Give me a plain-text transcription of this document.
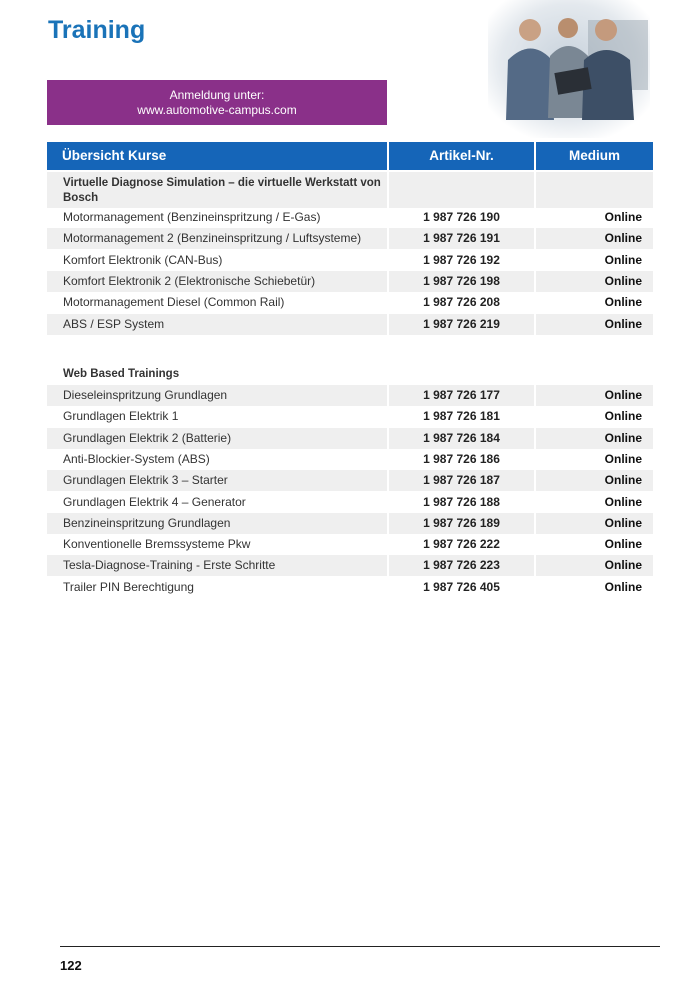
Training
Anmeldung unter:
www.automotive-campus.com
Übersicht Kurse	Artikel-Nr.	Medium
Virtuelle Diagnose Simulation – die virtuelle Werkstatt von Bosch
Motormanagement (Benzineinspritzung / E-Gas)	1 987 726 190	Online
Motormanagement 2 (Benzineinspritzung / Luftsysteme)	1 987 726 191	Online
Komfort Elektronik (CAN-Bus)	1 987 726 192	Online
Komfort Elektronik 2 (Elektronische Schiebetür)	1 987 726 198	Online
Motormanagement Diesel (Common Rail)	1 987 726 208	Online
ABS / ESP System	1 987 726 219	Online
Web Based Trainings
Dieseleinspritzung Grundlagen	1 987 726 177	Online
Grundlagen Elektrik 1	1 987 726 181	Online
Grundlagen Elektrik 2 (Batterie)	1 987 726 184	Online
Anti-Blockier-System (ABS)	1 987 726 186	Online
Grundlagen Elektrik 3 – Starter	1 987 726 187	Online
Grundlagen Elektrik 4 – Generator	1 987 726 188	Online
Benzineinspritzung Grundlagen	1 987 726 189	Online
Konventionelle Bremssysteme Pkw	1 987 726 222	Online
Tesla-Diagnose-Training - Erste Schritte	1 987 726 223	Online
Trailer PIN Berechtigung	1 987 726 405	Online
122
